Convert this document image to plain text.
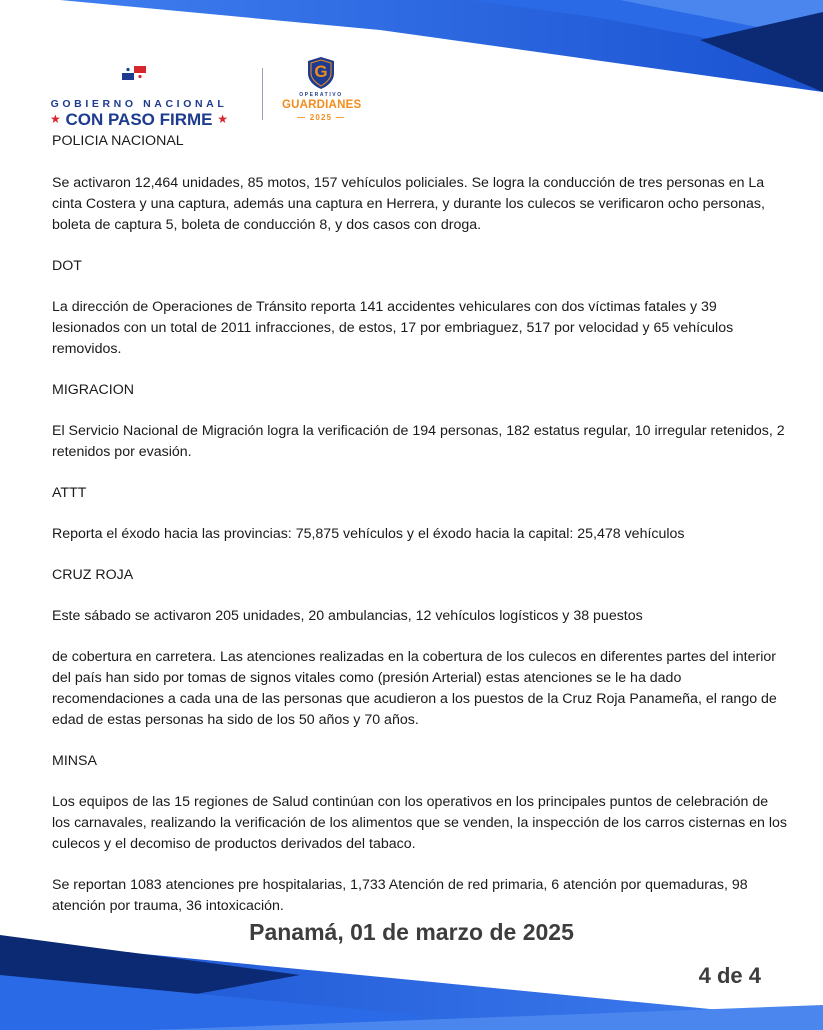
GOBIERNO NACIONAL
★ CON PASO FIRME ★
G
OPERATIVO
GUARDIANES
— 2025 —

POLICIA NACIONAL

Se activaron 12,464 unidades, 85 motos, 157 vehículos policiales. Se logra la conducción de tres personas en La cinta Costera y una captura, además una captura en Herrera, y durante los culecos se verificaron ocho personas, boleta de captura 5, boleta de conducción 8, y dos casos con droga.

DOT

La dirección de Operaciones de Tránsito reporta 141 accidentes vehiculares con dos víctimas fatales y 39 lesionados con un total de 2011 infracciones, de estos, 17 por embriaguez, 517 por velocidad y 65 vehículos removidos.

MIGRACION

El Servicio Nacional de Migración logra la verificación de 194 personas, 182 estatus regular, 10 irregular retenidos, 2 retenidos por evasión.

ATTT

Reporta el éxodo hacia las provincias: 75,875 vehículos y el éxodo hacia la capital: 25,478 vehículos

CRUZ ROJA

Este sábado se activaron 205 unidades, 20 ambulancias, 12 vehículos logísticos y 38 puestos

de cobertura en carretera. Las atenciones realizadas en la cobertura de los culecos en diferentes partes del interior del país han sido por tomas de signos vitales como (presión Arterial) estas atenciones se le ha dado recomendaciones a cada una de las personas que acudieron a los puestos de la Cruz Roja Panameña, el rango de edad de estas personas ha sido de los 50 años y 70 años.

MINSA

Los equipos de las 15 regiones de Salud continúan con los operativos en los principales puntos de celebración de los carnavales, realizando la verificación de los alimentos que se venden, la inspección de los carros cisternas en los culecos y el decomiso de productos derivados del tabaco.

Se reportan 1083 atenciones pre hospitalarias, 1,733 Atención de red primaria, 6 atención por quemaduras, 98 atención por trauma, 36 intoxicación.

Panamá, 01 de marzo de 2025
4 de 4
